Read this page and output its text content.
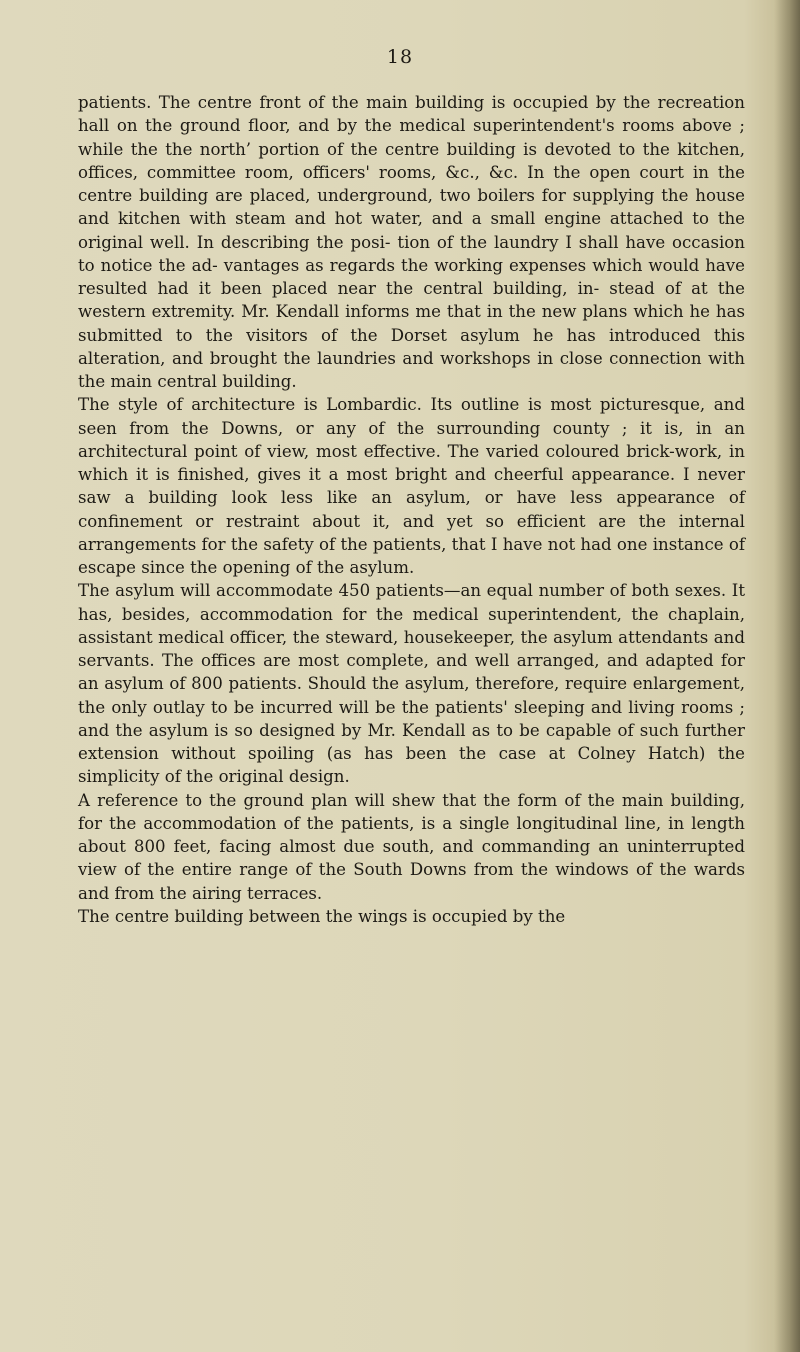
18

patients. The centre front of the main building is occupied by the recreation hall on the ground floor, and by the medical superintendent's rooms above ; while the the north’ portion of the centre building is devoted to the kitchen, offices, committee room, officers' rooms, &c., &c. In the open court in the centre building are placed, underground, two boilers for supplying the house and kitchen with steam and hot water, and a small engine attached to the original well. In describing the posi- tion of the laundry I shall have occasion to notice the ad- vantages as regards the working expenses which would have resulted had it been placed near the central building, in- stead of at the western extremity. Mr. Kendall informs me that in the new plans which he has submitted to the visitors of the Dorset asylum he has introduced this alteration, and brought the laundries and workshops in close connection with the main central building.

The style of architecture is Lombardic. Its outline is most picturesque, and seen from the Downs, or any of the surrounding county ; it is, in an architectural point of view, most effective. The varied coloured brick-work, in which it is finished, gives it a most bright and cheerful appearance. I never saw a building look less like an asylum, or have less appearance of confinement or restraint about it, and yet so efficient are the internal arrangements for the safety of the patients, that I have not had one instance of escape since the opening of the asylum.

The asylum will accommodate 450 patients—an equal number of both sexes. It has, besides, accommodation for the medical superintendent, the chaplain, assistant medical officer, the steward, housekeeper, the asylum attendants and servants. The offices are most complete, and well arranged, and adapted for an asylum of 800 patients. Should the asylum, therefore, require enlargement, the only outlay to be incurred will be the patients' sleeping and living rooms ; and the asylum is so designed by Mr. Kendall as to be capable of such further extension without spoiling (as has been the case at Colney Hatch) the simplicity of the original design.

A reference to the ground plan will shew that the form of the main building, for the accommodation of the patients, is a single longitudinal line, in length about 800 feet, facing almost due south, and commanding an uninterrupted view of the entire range of the South Downs from the windows of the wards and from the airing terraces.

The centre building between the wings is occupied by the
